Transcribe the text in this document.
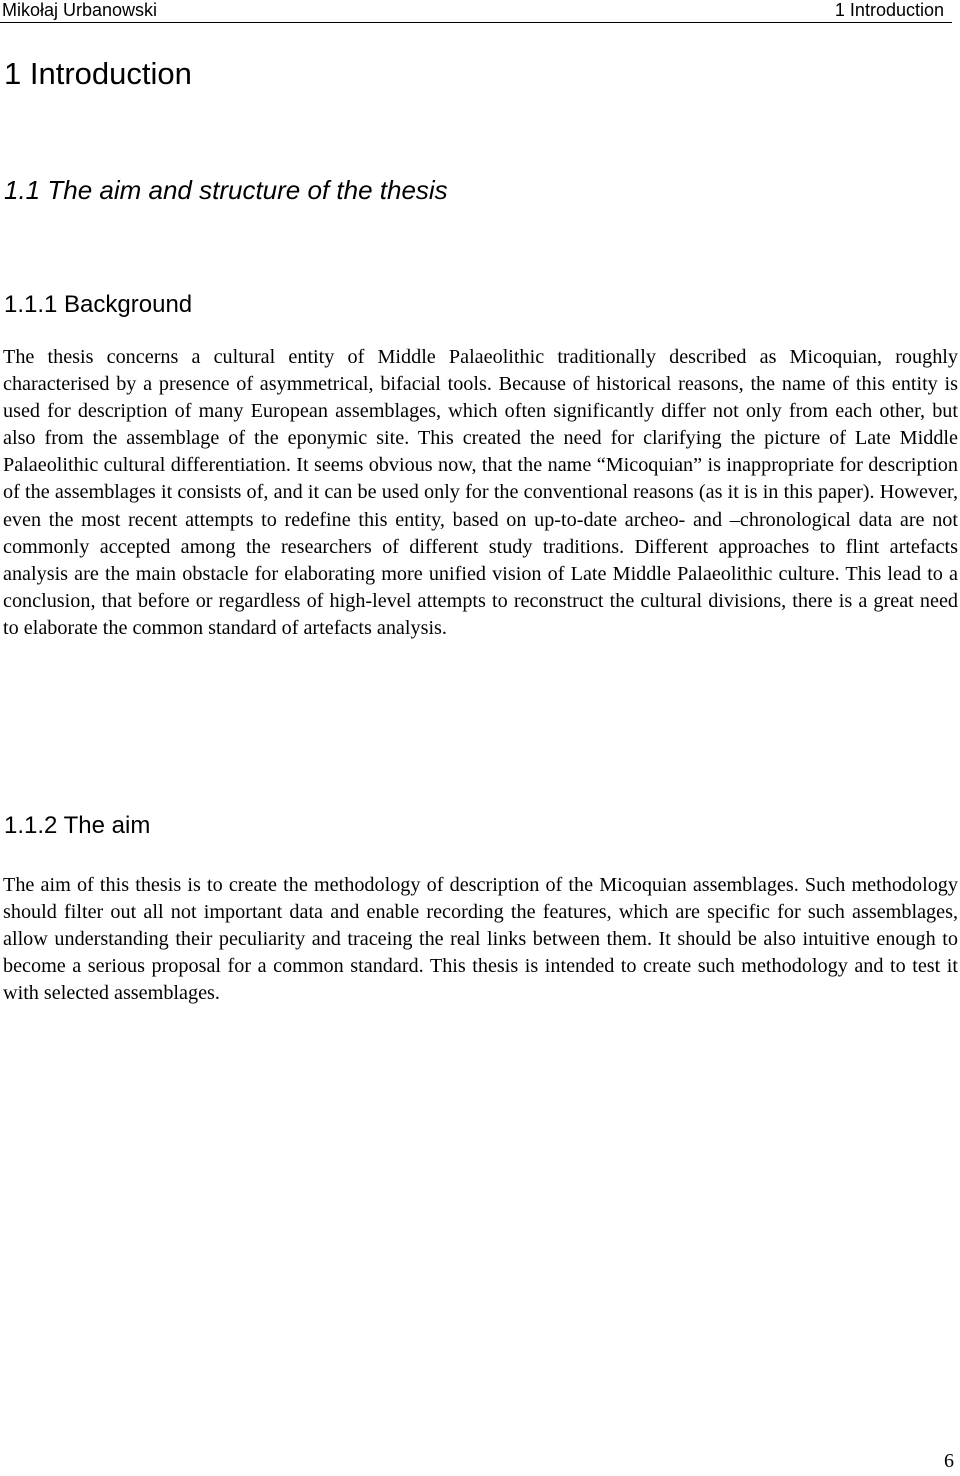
Mikołaj Urbanowski	1 Introduction
1 Introduction
1.1 The aim and structure of the thesis
1.1.1 Background

The thesis concerns a cultural entity of Middle Palaeolithic traditionally described as Micoquian, roughly characterised by a presence of asymmetrical, bifacial tools. Because of historical reasons, the name of this entity is used for description of many European assemblages, which often significantly differ not only from each other, but also from the assemblage of the eponymic site. This created the need for clarifying the picture of Late Middle Palaeolithic cultural differentiation. It seems obvious now, that the name “Micoquian” is inappropriate for description of the assemblages it consists of, and it can be used only for the conventional reasons (as it is in this paper). However, even the most recent attempts to redefine this entity, based on up-to-date archeo- and –chronological data are not commonly accepted among the researchers of different study traditions. Different approaches to flint artefacts analysis are the main obstacle for elaborating more unified vision of Late Middle Palaeolithic culture. This lead to a conclusion, that before or regardless of high-level attempts to reconstruct the cultural divisions, there is a great need to elaborate the common standard of artefacts analysis.

1.1.2 The aim

The aim of this thesis is to create the methodology of description of the Micoquian assemblages. Such methodology should filter out all not important data and enable recording the features, which are specific for such assemblages, allow understanding their peculiarity and traceing the real links between them. It should be also intuitive enough to become a serious proposal for a common standard. This thesis is intended to create such methodology and to test it with selected assemblages.

6
